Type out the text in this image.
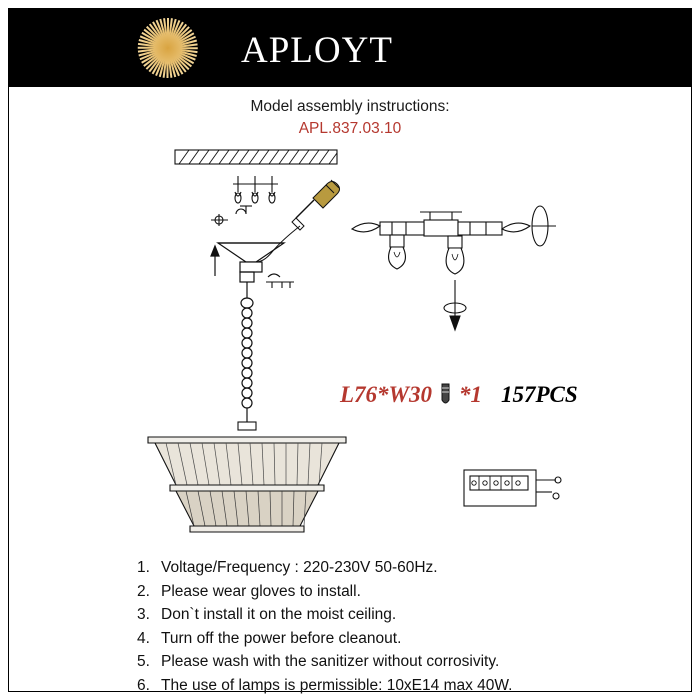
APLOYT
Model assembly instructions:
APL.837.03.10
L76*W30 *1 157PCS
1. Voltage/Frequency : 220-230V 50-60Hz.
2. Please wear gloves to install.
3. Don`t install it on the moist ceiling.
4. Turn off the power before cleanout.
5. Please wash with the sanitizer without corrosivity.
6. The use of lamps is permissible: 10xE14 max 40W.
